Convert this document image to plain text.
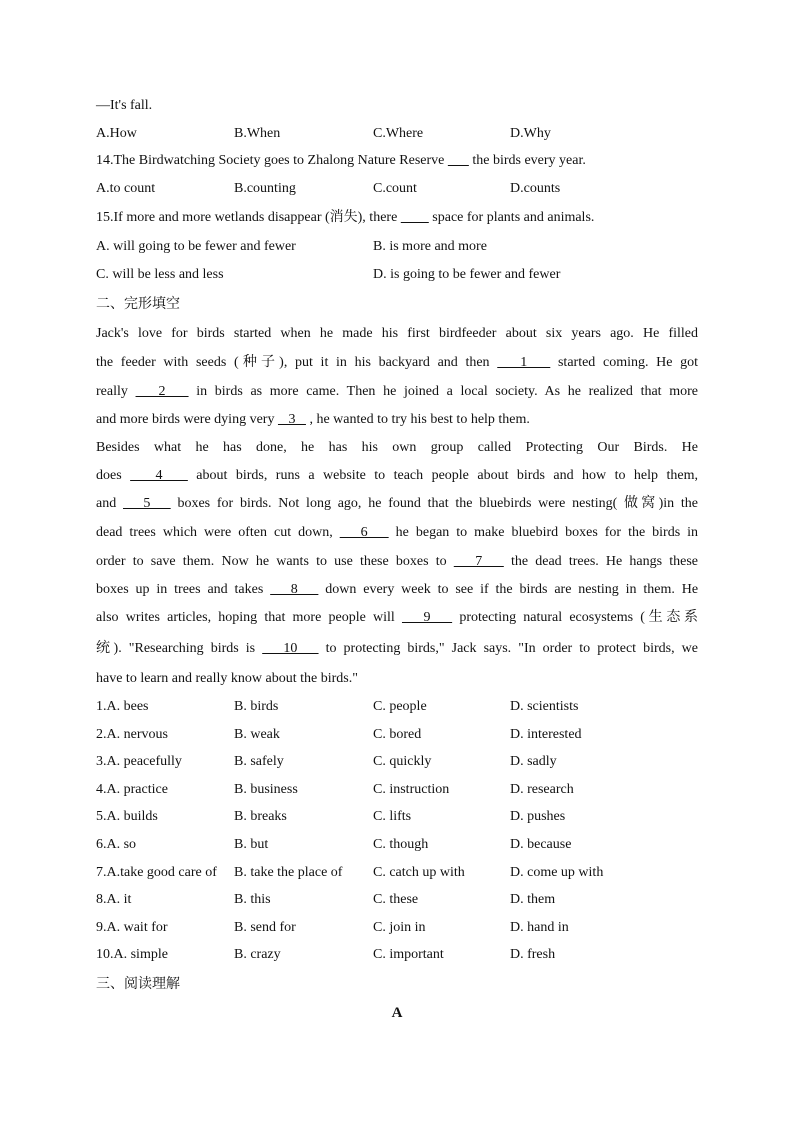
—It's fall.
A.How	B.When	C.Where	D.Why
14.The Birdwatching Society goes to Zhalong Nature Reserve the birds every year.
A.to count	B.counting	C.count	D.counts
15.If more and more wetlands disappear (消失), there	space for plants and animals.
A. will going to be fewer and fewer	B. is more and more
C. will be less and less	D. is going to be fewer and fewer
二、完形填空
Jack's love for birds started when he made his first birdfeeder about six years ago. He filled
the feeder with seeds (种子), put it in his backyard and then    1    started coming. He got
really    2    in birds as more came. Then he joined a local society. As he realized that more
and more birds were dying very    3    , he wanted to try his best to help them.
Besides what he has done, he has his own group called Protecting Our Birds. He
does    4    about birds, runs a website to teach people about birds and how to help them,
and    5    boxes for birds. Not long ago, he found that the bluebirds were nesting( 做窝)in the
dead trees which were often cut down,    6    he began to make bluebird boxes for the birds in
order to save them. Now he wants to use these boxes to    7    the dead trees. He hangs these
boxes up in trees and takes    8    down every week to see if the birds are nesting in them. He
also writes articles, hoping that more people will    9    protecting natural ecosystems (生态系
统). "Researching birds is    10    to protecting birds," Jack says. "In order to protect birds, we
have to learn and really know about the birds."
1.A. bees	B. birds	C. people	D. scientists
2.A. nervous	B. weak	C. bored	D. interested
3.A. peacefully	B. safely	C. quickly	D. sadly
4.A. practice	B. business	C. instruction	D. research
5.A. builds	B. breaks	C. lifts	D. pushes
6.A. so	B. but	C. though	D. because
7.A.take good care of B. take the place of C. catch up with	D. come up with
8.A. it	B. this	C. these	D. them
9.A. wait for	B. send for	C. join in	D. hand in
10.A. simple	B. crazy	C. important	D. fresh
三、阅读理解
A
